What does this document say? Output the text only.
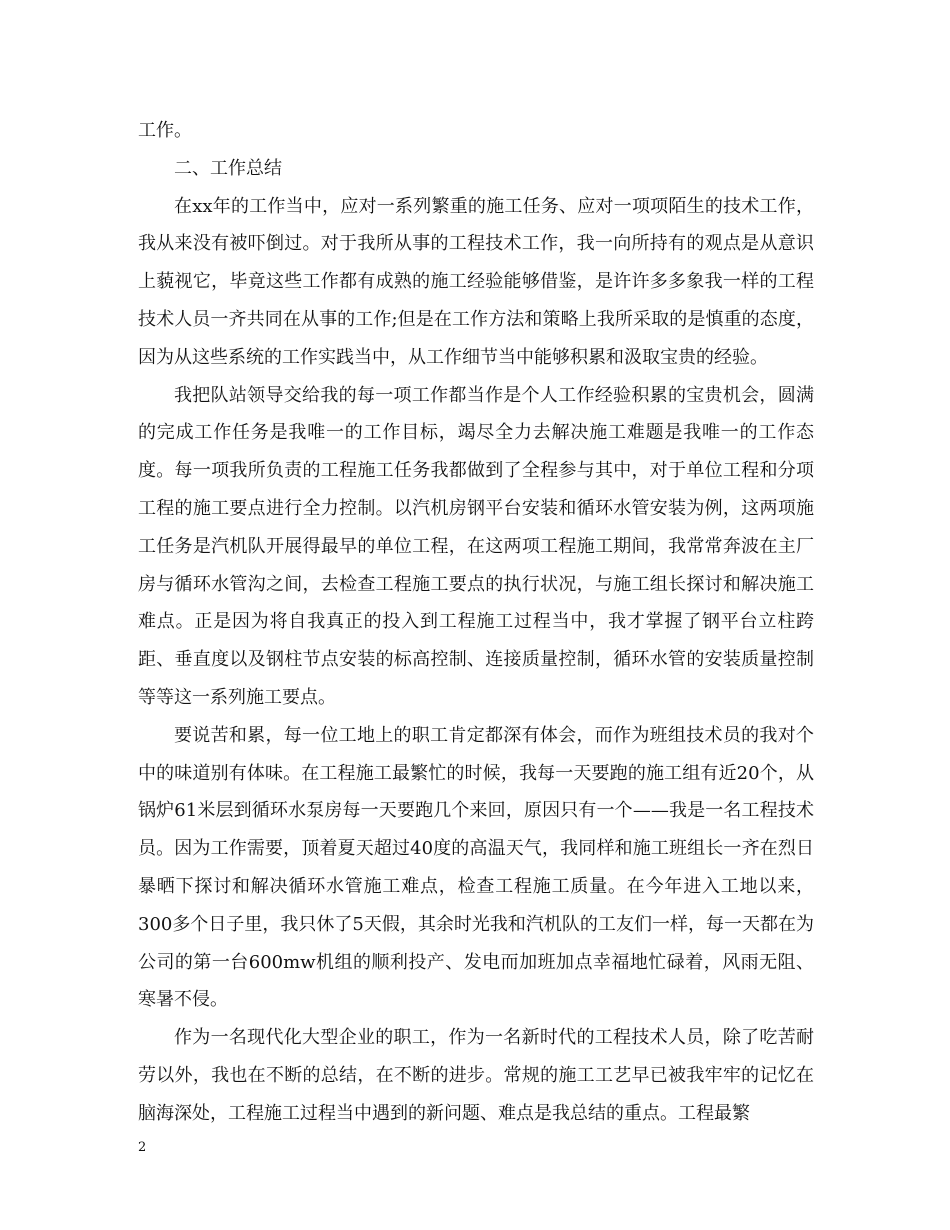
工作。

二、工作总结

在xx年的工作当中，应对一系列繁重的施工任务、应对一项项陌生的技术工作，我从来没有被吓倒过。对于我所从事的工程技术工作，我一向所持有的观点是从意识上藐视它，毕竟这些工作都有成熟的施工经验能够借鉴，是许许多多象我一样的工程技术人员一齐共同在从事的工作;但是在工作方法和策略上我所采取的是慎重的态度，因为从这些系统的工作实践当中，从工作细节当中能够积累和汲取宝贵的经验。

我把队站领导交给我的每一项工作都当作是个人工作经验积累的宝贵机会，圆满的完成工作任务是我唯一的工作目标，竭尽全力去解决施工难题是我唯一的工作态度。每一项我所负责的工程施工任务我都做到了全程参与其中，对于单位工程和分项工程的施工要点进行全力控制。以汽机房钢平台安装和循环水管安装为例，这两项施工任务是汽机队开展得最早的单位工程，在这两项工程施工期间，我常常奔波在主厂房与循环水管沟之间，去检查工程施工要点的执行状况，与施工组长探讨和解决施工难点。正是因为将自我真正的投入到工程施工过程当中，我才掌握了钢平台立柱跨距、垂直度以及钢柱节点安装的标高控制、连接质量控制，循环水管的安装质量控制等等这一系列施工要点。

要说苦和累，每一位工地上的职工肯定都深有体会，而作为班组技术员的我对个中的味道别有体味。在工程施工最繁忙的时候，我每一天要跑的施工组有近20个，从锅炉61米层到循环水泵房每一天要跑几个来回，原因只有一个——我是一名工程技术员。因为工作需要，顶着夏天超过40度的高温天气，我同样和施工班组长一齐在烈日暴晒下探讨和解决循环水管施工难点，检查工程施工质量。在今年进入工地以来，300多个日子里，我只休了5天假，其余时光我和汽机队的工友们一样，每一天都在为公司的第一台600mw机组的顺利投产、发电而加班加点幸福地忙碌着，风雨无阻、寒暑不侵。

作为一名现代化大型企业的职工，作为一名新时代的工程技术人员，除了吃苦耐劳以外，我也在不断的总结，在不断的进步。常规的施工工艺早已被我牢牢的记忆在脑海深处，工程施工过程当中遇到的新问题、难点是我总结的重点。工程最繁

2
